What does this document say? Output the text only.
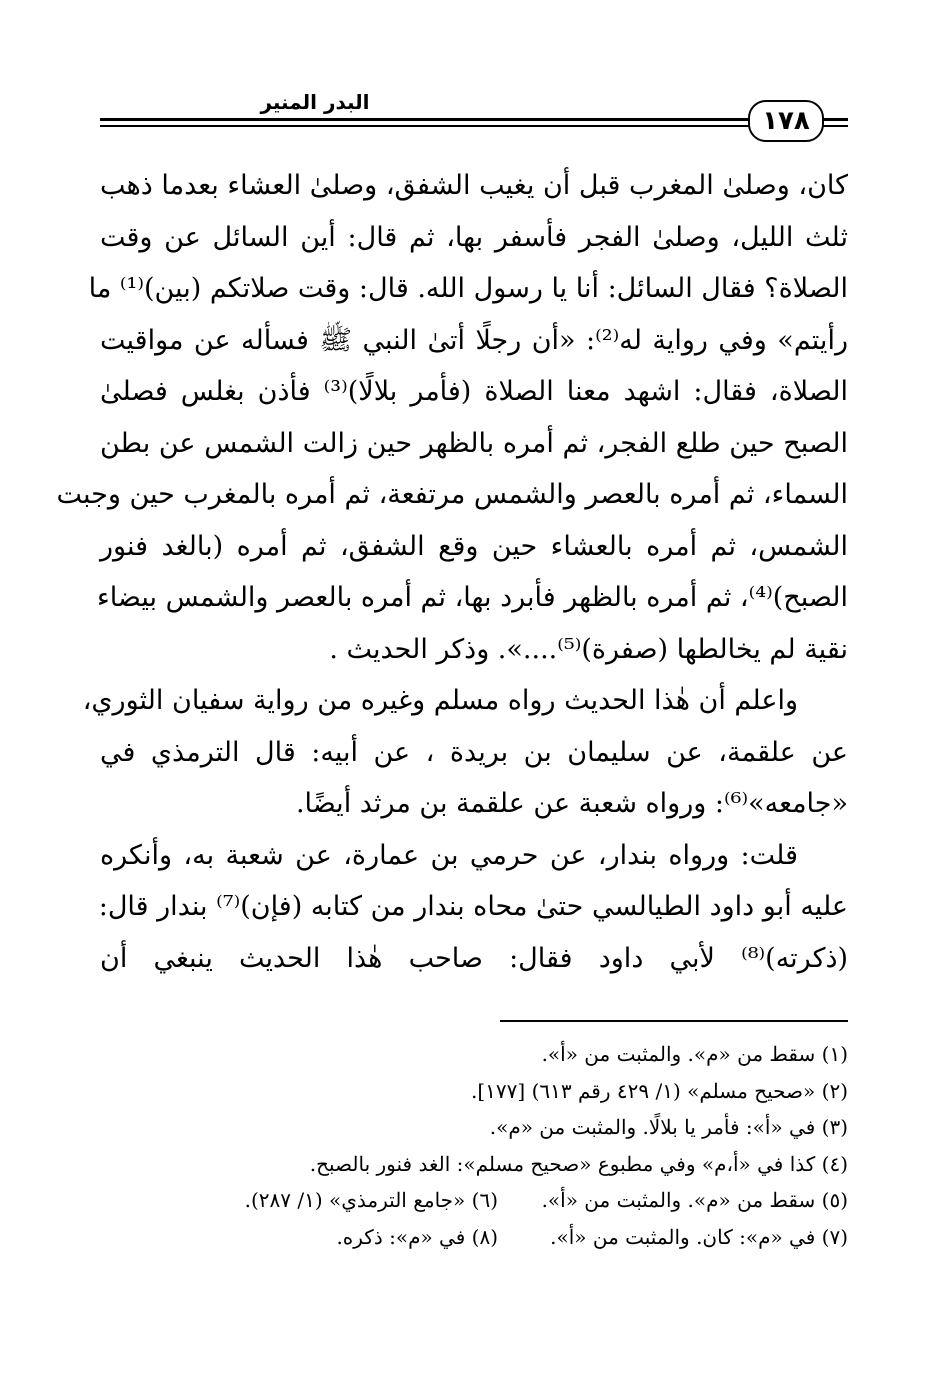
البدر المنير
١٧٨
كان، وصلىٰ المغرب قبل أن يغيب الشفق، وصلىٰ العشاء بعدما ذهب
ثلث الليل، وصلىٰ الفجر فأسفر بها، ثم قال: أين السائل عن وقت
الصلاة؟ فقال السائل: أنا يا رسول الله. قال: وقت صلاتكم (بين)⁽¹⁾ ما
رأيتم» وفي رواية له⁽²⁾: «أن رجلًا أتىٰ النبي ﷺ فسأله عن مواقيت
الصلاة، فقال: اشهد معنا الصلاة (فأمر بلالًا)⁽³⁾ فأذن بغلس فصلىٰ
الصبح حين طلع الفجر، ثم أمره بالظهر حين زالت الشمس عن بطن
السماء، ثم أمره بالعصر والشمس مرتفعة، ثم أمره بالمغرب حين وجبت
الشمس، ثم أمره بالعشاء حين وقع الشفق، ثم أمره (بالغد فنور
الصبح)⁽⁴⁾، ثم أمره بالظهر فأبرد بها، ثم أمره بالعصر والشمس بيضاء
نقية لم يخالطها (صفرة)⁽⁵⁾....». وذكر الحديث .
واعلم أن هٰذا الحديث رواه مسلم وغيره من رواية سفيان الثوري،
عن علقمة، عن سليمان بن بريدة ، عن أبيه: قال الترمذي في
«جامعه»⁽⁶⁾: ورواه شعبة عن علقمة بن مرثد أيضًا.
قلت: ورواه بندار، عن حرمي بن عمارة، عن شعبة به، وأنكره
عليه أبو داود الطيالسي حتىٰ محاه بندار من كتابه (فإن)⁽⁷⁾ بندار قال:
(ذكرته)⁽⁸⁾ لأبي داود فقال: صاحب هٰذا الحديث ينبغي أن
(١) سقط من «م». والمثبت من «أ».
(٢) «صحيح مسلم» (١/ ٤٢٩ رقم ٦١٣) [١٧٧].
(٣) في «أ»: فأمر يا بلالًا. والمثبت من «م».
(٤) كذا في «أ،م» وفي مطبوع «صحيح مسلم»: الغد فنور بالصبح.
(٥) سقط من «م». والمثبت من «أ».
(٦) «جامع الترمذي» (١/ ٢٨٧).
(٧) في «م»: كان. والمثبت من «أ».
(٨) في «م»: ذكره.
